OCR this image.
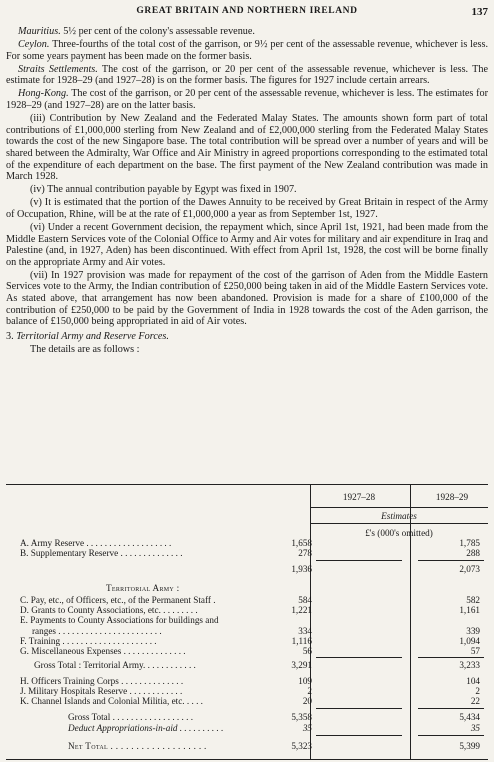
GREAT BRITAIN AND NORTHERN IRELAND	137

Mauritius. 5½ per cent of the colony's assessable revenue.

Ceylon. Three-fourths of the total cost of the garrison, or 9½ per cent of the assessable revenue, whichever is less. For some years payment has been made on the former basis.

Straits Settlements. The cost of the garrison, or 20 per cent of the assessable revenue, whichever is less. The estimate for 1928–29 (and 1927–28) is on the former basis. The figures for 1927 include certain arrears.

Hong-Kong. The cost of the garrison, or 20 per cent of the assessable revenue, whichever is less. The estimates for 1928–29 (and 1927–28) are on the latter basis.

(iii) Contribution by New Zealand and the Federated Malay States. The amounts shown form part of total contributions of £1,000,000 sterling from New Zealand and of £2,000,000 sterling from the Federated Malay States towards the cost of the new Singapore base. The total contribution will be spread over a number of years and will be shared between the Admiralty, War Office and Air Ministry in agreed proportions corresponding to the estimated total of the expenditure of each department on the base. The first payment of the New Zealand contribution was made in March 1928.

(iv) The annual contribution payable by Egypt was fixed in 1907.

(v) It is estimated that the portion of the Dawes Annuity to be received by Great Britain in respect of the Army of Occupation, Rhine, will be at the rate of £1,000,000 a year as from September 1st, 1927.

(vi) Under a recent Government decision, the repayment which, since April 1st, 1921, had been made from the Middle Eastern Services vote of the Colonial Office to Army and Air votes for military and air expenditure in Iraq and Palestine (and, in 1927, Aden) has been discontinued. With effect from April 1st, 1928, the cost will be borne finally on the appropriate Army and Air votes.

(vii) In 1927 provision was made for repayment of the cost of the garrison of Aden from the Middle Eastern Services vote to the Army, the Indian contribution of £250,000 being taken in aid of the Middle Eastern Services vote. As stated above, that arrangement has now been abandoned. Provision is made for a share of £100,000 of the contribution of £250,000 to be paid by the Government of India in 1928 towards the cost of the Aden garrison, the balance of £150,000 being appropriated in aid of Air votes.

3. Territorial Army and Reserve Forces.

The details are as follows :

1927–28	1928–29
Estimates
£'s (000's omitted)
A. Army Reserve . . . . . . . . . . . . . . . . . . .	1,658	1,785
B. Supplementary Reserve . . . . . . . . . . . . . .	278	288
1,936	2,073
Territorial Army :
C. Pay, etc., of Officers, etc., of the Permanent Staff .	584	582
D. Grants to County Associations, etc. . . . . . . . .	1,221	1,161
E. Payments to County Associations for buildings and
ranges . . . . . . . . . . . . . . . . . . . . . . .	334	339
F. Training . . . . . . . . . . . . . . . . . . . . .	1,116	1,094
G. Miscellaneous Expenses . . . . . . . . . . . . . .	56	57
Gross Total : Territorial Army. . . . . . . . . . . .	3,291	3,233
H. Officers Training Corps . . . . . . . . . . . . . .	109	104
J. Military Hospitals Reserve . . . . . . . . . . . .	2	2
K. Channel Islands and Colonial Militia, etc. . . . .	20	22
Gross Total . . . . . . . . . . . . . . . . . .	5,358	5,434
Deduct Appropriations-in-aid . . . . . . . . . .	35	35
Net Total . . . . . . . . . . . . . . . . . . .	5,323	5,399
